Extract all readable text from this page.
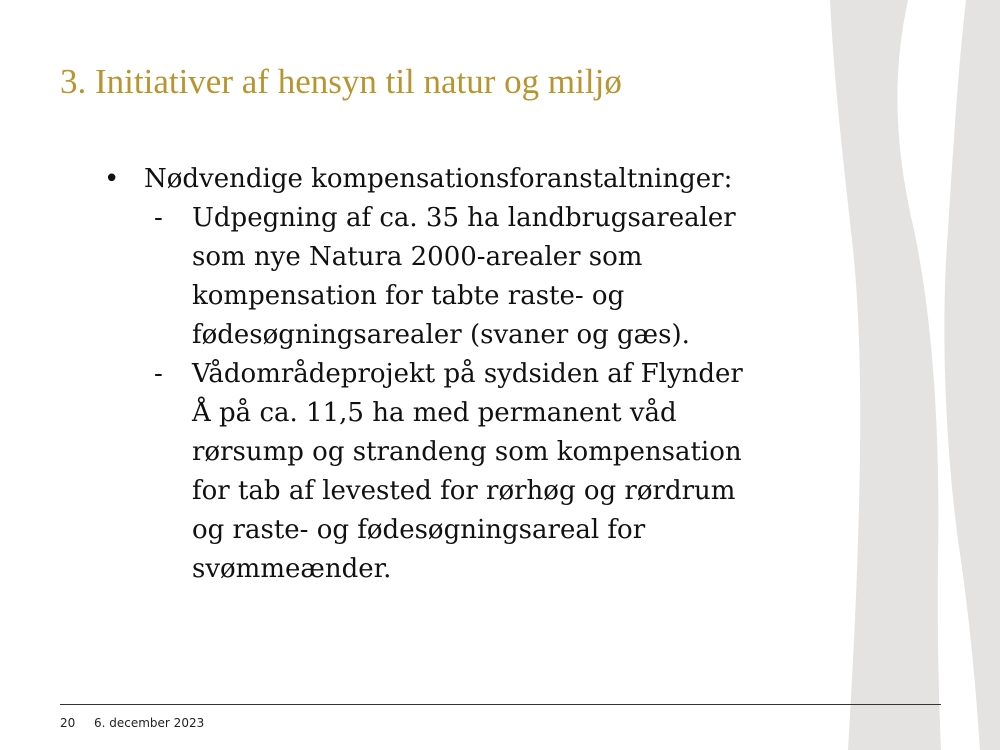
3. Initiativer af hensyn til natur og miljø
• Nødvendige kompensationsforanstaltninger:
- Udpegning af ca. 35 ha landbrugsarealer
som nye Natura 2000-arealer som
kompensation for tabte raste- og
fødesøgningsarealer (svaner og gæs).
- Vådområdeprojekt på sydsiden af Flynder
Å på ca. 11,5 ha med permanent våd
rørsump og strandeng som kompensation
for tab af levested for rørhøg og rørdrum
og raste- og fødesøgningsareal for
svømmeænder.
20 6. december 2023
